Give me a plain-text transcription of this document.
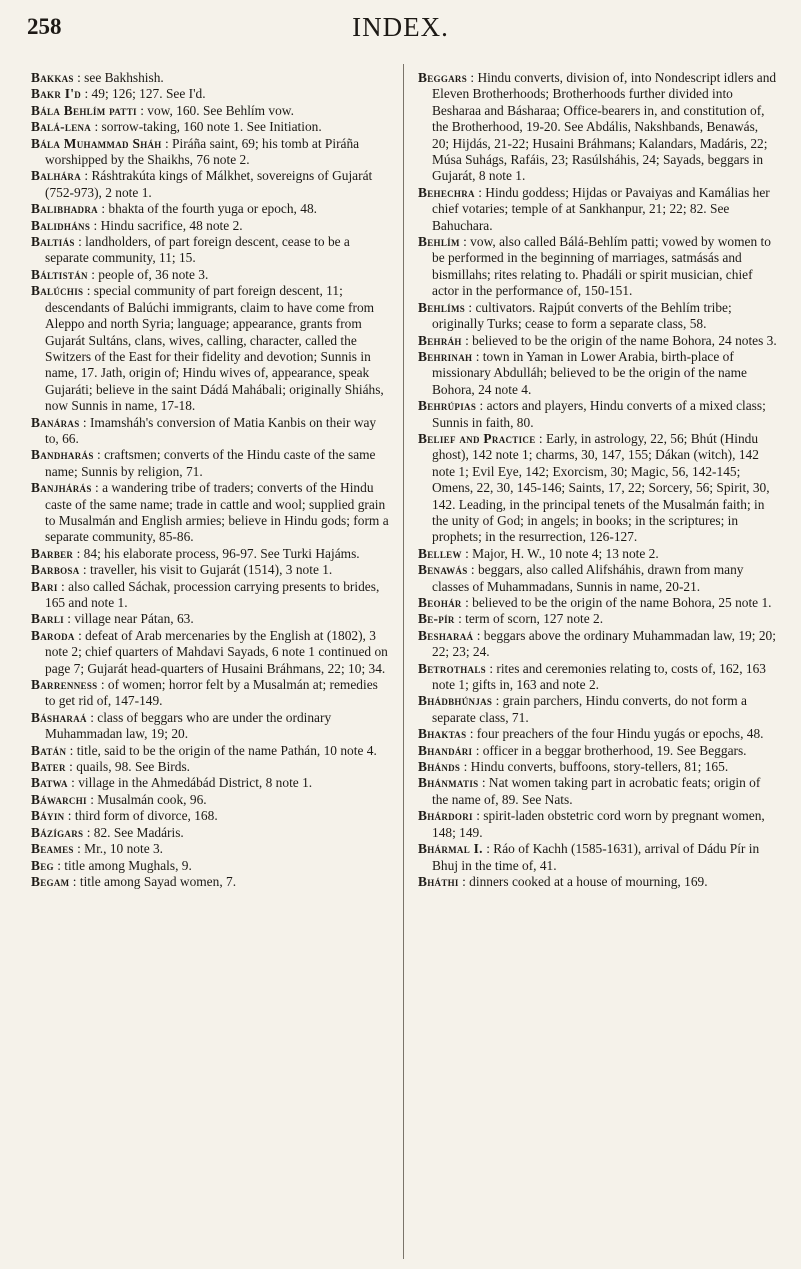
258	INDEX.

Bakkas : see Bakhshish.

Bakr I'd : 49; 126; 127. See I'd.

Bála Behlím patti : vow, 160. See Behlím vow.

Balá-lena : sorrow-taking, 160 note 1. See Initiation.

Bála Muhammad Sháh : Piráña saint, 69; his tomb at Piráña worshipped by the Shaikhs, 76 note 2.

Balhára : Ráshtrakúta kings of Málkhet, sovereigns of Gujarát (752-973), 2 note 1.

Balibhadra : bhakta of the fourth yuga or epoch, 48.

Balidháns : Hindu sacrifice, 48 note 2.

Baltiás : landholders, of part foreign descent, cease to be a separate community, 11; 15.

Báltistán : people of, 36 note 3.

Balúchis : special community of part foreign descent, 11; descendants of Balúchi immigrants, claim to have come from Aleppo and north Syria; language; appearance, grants from Gujarát Sultáns, clans, wives, calling, character, called the Switzers of the East for their fidelity and devotion; Sunnis in name, 17. Jath, origin of; Hindu wives of, appearance, speak Gujaráti; believe in the saint Dádá Mahábali; originally Shiáhs, now Sunnis in name, 17-18.

Banáras : Imamsháh's conversion of Matia Kanbis on their way to, 66.

Bandharás : craftsmen; converts of the Hindu caste of the same name; Sunnis by religion, 71.

Banjhárás : a wandering tribe of traders; converts of the Hindu caste of the same name; trade in cattle and wool; supplied grain to Musalmán and English armies; believe in Hindu gods; form a separate community, 85-86.

Barber : 84; his elaborate process, 96-97. See Turki Hajáms.

Barbosa : traveller, his visit to Gujarát (1514), 3 note 1.

Bari : also called Sáchak, procession carrying presents to brides, 165 and note 1.

Barli : village near Pátan, 63.

Baroda : defeat of Arab mercenaries by the English at (1802), 3 note 2; chief quarters of Mahdavi Sayads, 6 note 1 continued on page 7; Gujarát head-quarters of Husaini Bráhmans, 22; 10; 34.

Barrenness : of women; horror felt by a Musalmán at; remedies to get rid of, 147-149.

Básharaá : class of beggars who are under the ordinary Muhammadan law, 19; 20.

Batán : title, said to be the origin of the name Pathán, 10 note 4.

Bater : quails, 98. See Birds.

Batwa : village in the Ahmedábád District, 8 note 1.

Báwarchi : Musalmán cook, 96.

Báyin : third form of divorce, 168.

Bázígars : 82. See Madáris.

Beames : Mr., 10 note 3.

Beg : title among Mughals, 9.

Begam : title among Sayad women, 7.

Beggars : Hindu converts, division of, into Nondescript idlers and Eleven Brotherhoods; Brotherhoods further divided into Besharaa and Básharaa; Office-bearers in, and constitution of, the Brotherhood, 19-20. See Abdális, Nakshbands, Benawás, 20; Hijdás, 21-22; Husaini Bráhmans; Kalandars, Madáris, 22; Músa Suhágs, Rafáis, 23; Rasúlsháhis, 24; Sayads, beggars in Gujarát, 8 note 1.

Behechra : Hindu goddess; Hijdas or Pavaiyas and Kamálias her chief votaries; temple of at Sankhanpur, 21; 22; 82. See Bahuchara.

Behlím : vow, also called Bálá-Behlím patti; vowed by women to be performed in the beginning of marriages, satmásás and bismillahs; rites relating to. Phadáli or spirit musician, chief actor in the performance of, 150-151.

Behlíms : cultivators. Rajpút converts of the Behlím tribe; originally Turks; cease to form a separate class, 58.

Behráh : believed to be the origin of the name Bohora, 24 notes 3.

Behrinah : town in Yaman in Lower Arabia, birth-place of missionary Abdulláh; believed to be the origin of the name Bohora, 24 note 4.

Behrúpias : actors and players, Hindu converts of a mixed class; Sunnis in faith, 80.

Belief and Practice : Early, in astrology, 22, 56; Bhút (Hindu ghost), 142 note 1; charms, 30, 147, 155; Dákan (witch), 142 note 1; Evil Eye, 142; Exorcism, 30; Magic, 56, 142-145; Omens, 22, 30, 145-146; Saints, 17, 22; Sorcery, 56; Spirit, 30, 142. Leading, in the principal tenets of the Musalmán faith; in the unity of God; in angels; in books; in the scriptures; in prophets; in the resurrection, 126-127.

Bellew : Major, H. W., 10 note 4; 13 note 2.

Benawás : beggars, also called Alifsháhis, drawn from many classes of Muhammadans, Sunnis in name, 20-21.

Beohár : believed to be the origin of the name Bohora, 25 note 1.

Be-pír : term of scorn, 127 note 2.

Besharaá : beggars above the ordinary Muhammadan law, 19; 20; 22; 23; 24.

Betrothals : rites and ceremonies relating to, costs of, 162, 163 note 1; gifts in, 163 and note 2.

Bhádbhúnjas : grain parchers, Hindu converts, do not form a separate class, 71.

Bhaktas : four preachers of the four Hindu yugás or epochs, 48.

Bhandári : officer in a beggar brotherhood, 19. See Beggars.

Bhánds : Hindu converts, buffoons, story-tellers, 81; 165.

Bhánmatis : Nat women taking part in acrobatic feats; origin of the name of, 89. See Nats.

Bhárdori : spirit-laden obstetric cord worn by pregnant women, 148; 149.

Bhármal I. : Ráo of Kachh (1585-1631), arrival of Dádu Pír in Bhuj in the time of, 41.

Bháthi : dinners cooked at a house of mourning, 169.
